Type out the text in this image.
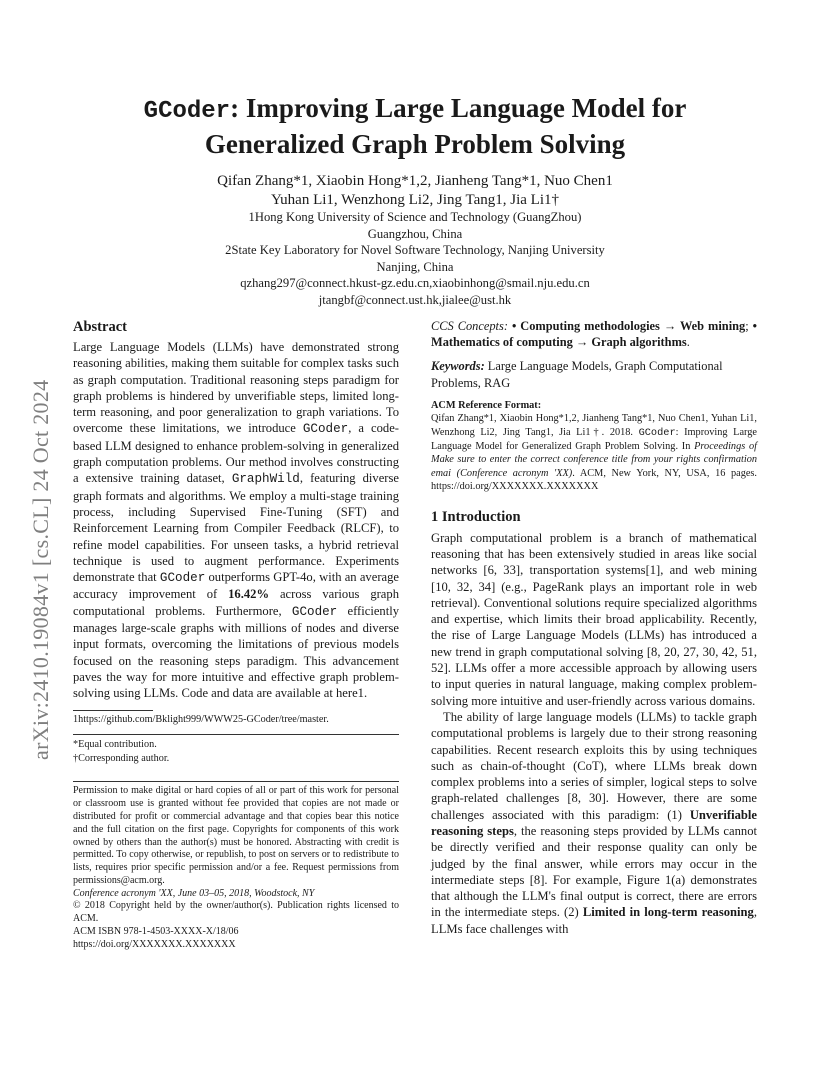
arXiv:2410.19084v1 [cs.CL] 24 Oct 2024
GCoder: Improving Large Language Model for
Generalized Graph Problem Solving
Qifan Zhang*1, Xiaobin Hong*1,2, Jianheng Tang*1, Nuo Chen1
Yuhan Li1, Wenzhong Li2, Jing Tang1, Jia Li1†
1Hong Kong University of Science and Technology (GuangZhou)
Guangzhou, China
2State Key Laboratory for Novel Software Technology, Nanjing University
Nanjing, China
qzhang297@connect.hkust-gz.edu.cn,xiaobinhong@smail.nju.edu.cn
jtangbf@connect.ust.hk,jialee@ust.hk
Abstract

Large Language Models (LLMs) have demonstrated strong reasoning abilities, making them suitable for complex tasks such as graph computation. Traditional reasoning steps paradigm for graph problems is hindered by unverifiable steps, limited long-term reasoning, and poor generalization to graph variations. To overcome these limitations, we introduce GCoder, a code-based LLM designed to enhance problem-solving in generalized graph computation problems. Our method involves constructing a extensive training dataset, GraphWild, featuring diverse graph formats and algorithms. We employ a multi-stage training process, including Supervised Fine-Tuning (SFT) and Reinforcement Learning from Compiler Feedback (RLCF), to refine model capabilities. For unseen tasks, a hybrid retrieval technique is used to augment performance. Experiments demonstrate that GCoder outperforms GPT-4o, with an average accuracy improvement of 16.42% across various graph computational problems. Furthermore, GCoder efficiently manages large-scale graphs with millions of nodes and diverse input formats, overcoming the limitations of previous models focused on the reasoning steps paradigm. This advancement paves the way for more intuitive and effective graph problem-solving using LLMs. Code and data are available at here1.

1https://github.com/Bklight999/WWW25-GCoder/tree/master.
*Equal contribution.
†Corresponding author.
Permission to make digital or hard copies of all or part of this work for personal or classroom use is granted without fee provided that copies are not made or distributed for profit or commercial advantage and that copies bear this notice and the full citation on the first page. Copyrights for components of this work owned by others than the author(s) must be honored. Abstracting with credit is permitted. To copy otherwise, or republish, to post on servers or to redistribute to lists, requires prior specific permission and/or a fee. Request permissions from permissions@acm.org.
Conference acronym 'XX, June 03–05, 2018, Woodstock, NY
© 2018 Copyright held by the owner/author(s). Publication rights licensed to ACM.
ACM ISBN 978-1-4503-XXXX-X/18/06
https://doi.org/XXXXXXX.XXXXXXX
CCS Concepts: • Computing methodologies → Web mining; • Mathematics of computing → Graph algorithms.
Keywords: Large Language Models, Graph Computational Problems, RAG
ACM Reference Format:
Qifan Zhang*1, Xiaobin Hong*1,2, Jianheng Tang*1, Nuo Chen1, Yuhan Li1, Wenzhong Li2, Jing Tang1, Jia Li1†. 2018. GCoder: Improving Large Language Model for Generalized Graph Problem Solving. In Proceedings of Make sure to enter the correct conference title from your rights confirmation emai (Conference acronym 'XX). ACM, New York, NY, USA, 16 pages. https://doi.org/XXXXXXX.XXXXXXX
1 Introduction

Graph computational problem is a branch of mathematical reasoning that has been extensively studied in areas like social networks [6, 33], transportation systems[1], and web mining [10, 32, 34] (e.g., PageRank plays an important role in web retrieval). Conventional solutions require specialized algorithms and expertise, which limits their broad applicability. Recently, the rise of Large Language Models (LLMs) has introduced a new trend in graph computational solving [8, 20, 27, 30, 42, 51, 52]. LLMs offer a more accessible approach by allowing users to input queries in natural language, making complex problem-solving more intuitive and user-friendly across various domains.

The ability of large language models (LLMs) to tackle graph computational problems is largely due to their strong reasoning capabilities. Recent research exploits this by using techniques such as chain-of-thought (CoT), where LLMs break down complex problems into a series of simpler, logical steps to solve graph-related challenges [8, 30]. However, there are some challenges associated with this paradigm: (1) Unverifiable reasoning steps, the reasoning steps provided by LLMs cannot be directly verified and their response quality can only be judged by the final answer, while errors may occur in the intermediate steps [8]. For example, Figure 1(a) demonstrates that although the LLM's final output is correct, there are errors in the intermediate steps. (2) Limited in long-term reasoning, LLMs face challenges with
